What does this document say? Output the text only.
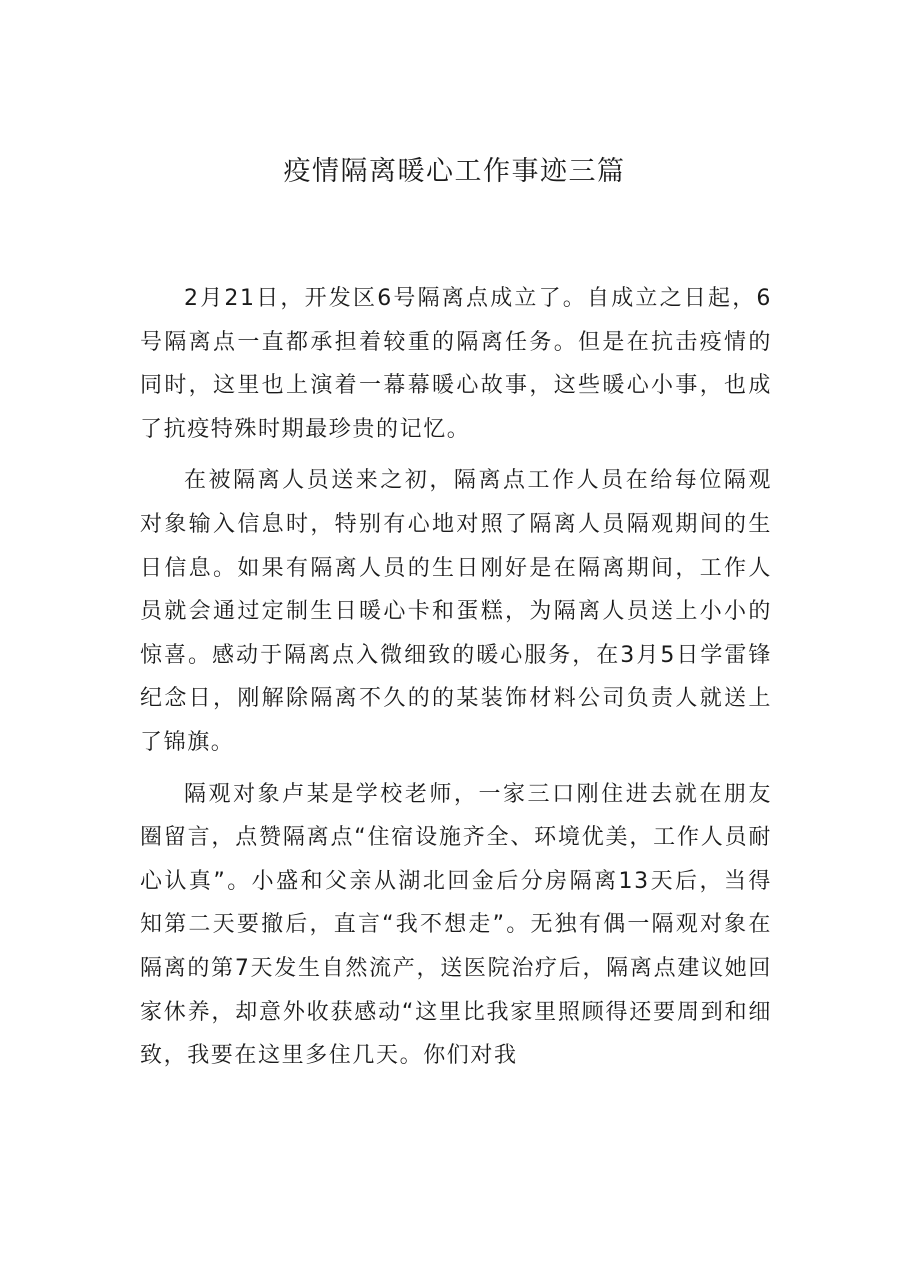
疫情隔离暖心工作事迹三篇

2月21日，开发区6号隔离点成立了。自成立之日起，6号隔离点一直都承担着较重的隔离任务。但是在抗击疫情的同时，这里也上演着一幕幕暖心故事，这些暖心小事，也成了抗疫特殊时期最珍贵的记忆。

在被隔离人员送来之初，隔离点工作人员在给每位隔观对象输入信息时，特别有心地对照了隔离人员隔观期间的生日信息。如果有隔离人员的生日刚好是在隔离期间，工作人员就会通过定制生日暖心卡和蛋糕，为隔离人员送上小小的惊喜。感动于隔离点入微细致的暖心服务，在3月5日学雷锋纪念日，刚解除隔离不久的的某装饰材料公司负责人就送上了锦旗。

隔观对象卢某是学校老师，一家三口刚住进去就在朋友圈留言，点赞隔离点“住宿设施齐全、环境优美，工作人员耐心认真”。小盛和父亲从湖北回金后分房隔离13天后，当得知第二天要撤后，直言“我不想走”。无独有偶一隔观对象在隔离的第7天发生自然流产，送医院治疗后，隔离点建议她回家休养，却意外收获感动“这里比我家里照顾得还要周到和细致，我要在这里多住几天。你们对我
